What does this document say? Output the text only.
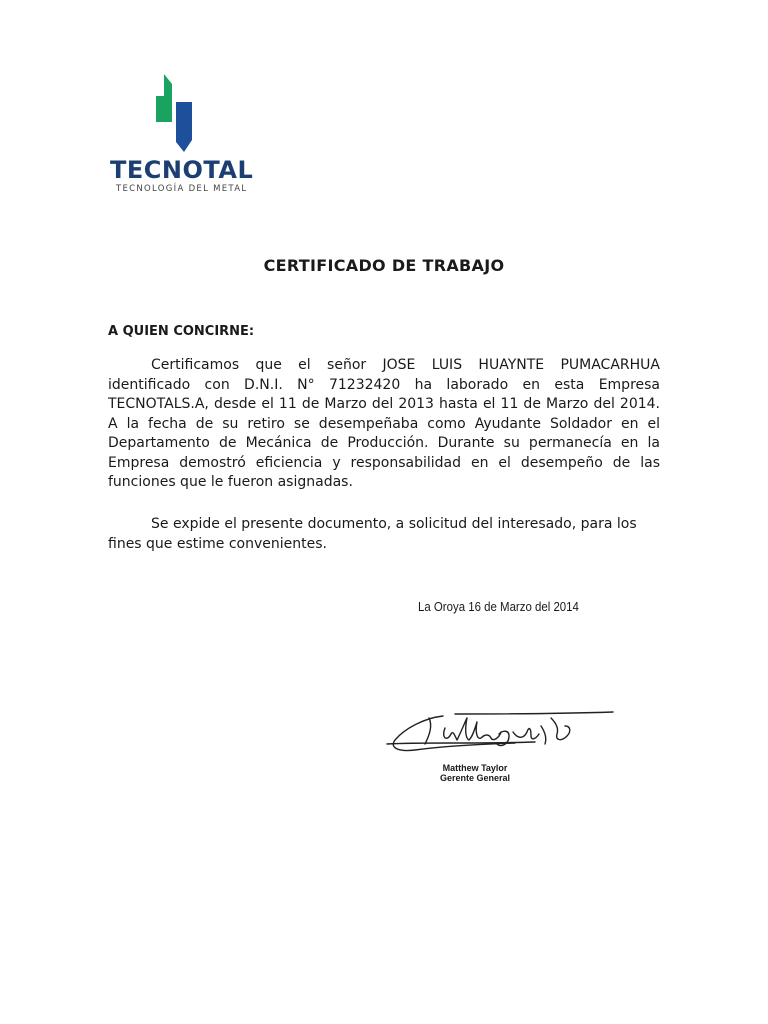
TECNOTAL
TECNOLOGÍA DEL METAL
CERTIFICADO DE TRABAJO
A QUIEN CONCIRNE:

Certificamos que el señor JOSE LUIS HUAYNTE PUMACARHUA identificado con D.N.I. N° 71232420 ha laborado en esta Empresa TECNOTALS.A, desde el 11 de Marzo del 2013 hasta el 11 de Marzo del 2014. A la fecha de su retiro se desempeñaba como Ayudante Soldador en el Departamento de Mecánica de Producción. Durante su permanecía en la Empresa demostró eficiencia y responsabilidad en el desempeño de las funciones que le fueron asignadas.

Se expide el presente documento, a solicitud del interesado, para los fines que estime convenientes.

La Oroya 16 de Marzo del 2014
Matthew Taylor
Gerente General
